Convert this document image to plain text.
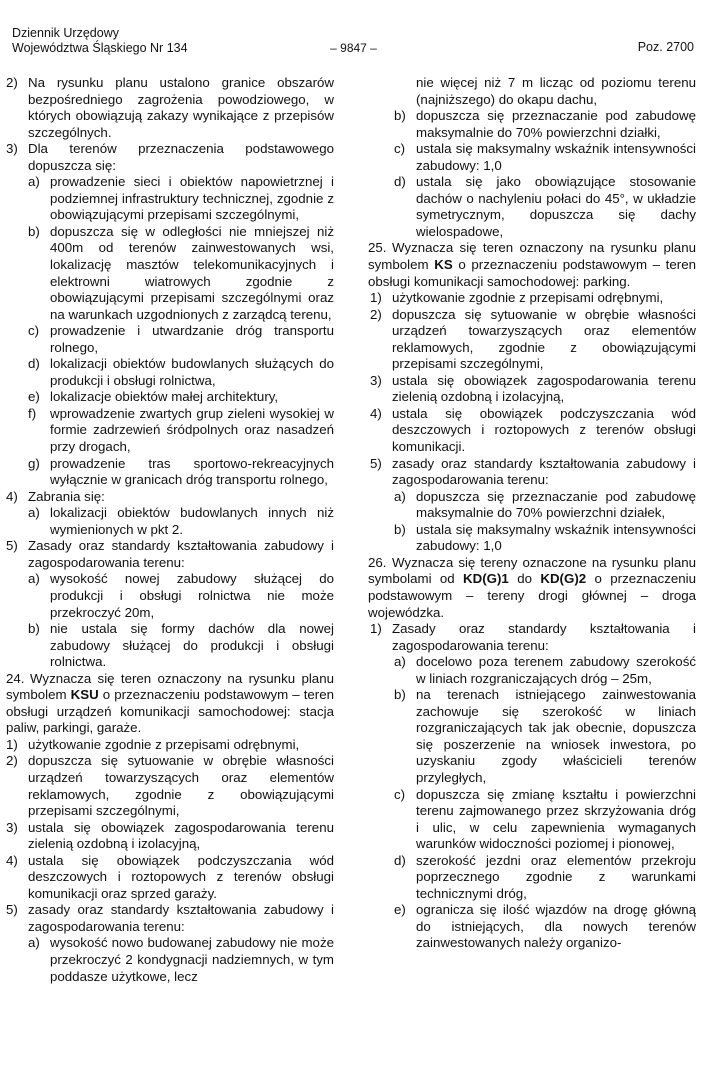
Dziennik Urzędowy
Województwa Śląskiego Nr 134	– 9847 –	Poz. 2700
2) Na rysunku planu ustalono granice obszarów bezpośredniego zagrożenia powodziowego, w których obowiązują zakazy wynikające z przepisów szczególnych.
3) Dla terenów przeznaczenia podstawowego dopuszcza się:
a) prowadzenie sieci i obiektów napowietrznej i podziemnej infrastruktury technicznej, zgodnie z obowiązującymi przepisami szczególnymi,
b) dopuszcza się w odległości nie mniejszej niż 400m od terenów zainwestowanych wsi, lokalizację masztów telekomunikacyjnych i elektrowni wiatrowych zgodnie z obowiązującymi przepisami szczególnymi oraz na warunkach uzgodnionych z zarządcą terenu,
c) prowadzenie i utwardzanie dróg transportu rolnego,
d) lokalizacji obiektów budowlanych służących do produkcji i obsługi rolnictwa,
e) lokalizacje obiektów małej architektury,
f) wprowadzenie zwartych grup zieleni wysokiej w formie zadrzewień śródpolnych oraz nasadzeń przy drogach,
g) prowadzenie tras sportowo-rekreacyjnych wyłącznie w granicach dróg transportu rolnego,
4) Zabrania się:
a) lokalizacji obiektów budowlanych innych niż wymienionych w pkt 2.
5) Zasady oraz standardy kształtowania zabudowy i zagospodarowania terenu:
a) wysokość nowej zabudowy służącej do produkcji i obsługi rolnictwa nie może przekroczyć 20m,
b) nie ustala się formy dachów dla nowej zabudowy służącej do produkcji i obsługi rolnictwa.
24. Wyznacza się teren oznaczony na rysunku planu symbolem KSU o przeznaczeniu podstawowym – teren obsługi urządzeń komunikacji samochodowej: stacja paliw, parkingi, garaże.
1) użytkowanie zgodnie z przepisami odrębnymi,
2) dopuszcza się sytuowanie w obrębie własności urządzeń towarzyszących oraz elementów reklamowych, zgodnie z obowiązującymi przepisami szczególnymi,
3) ustala się obowiązek zagospodarowania terenu zielenią ozdobną i izolacyjną,
4) ustala się obowiązek podczyszczania wód deszczowych i roztopowych z terenów obsługi komunikacji oraz sprzed garaży.
5) zasady oraz standardy kształtowania zabudowy i zagospodarowania terenu:
a) wysokość nowo budowanej zabudowy nie może przekroczyć 2 kondygnacji nadziemnych, w tym poddasze użytkowe, lecz
nie więcej niż 7 m licząc od poziomu terenu (najniższego) do okapu dachu,
b) dopuszcza się przeznaczanie pod zabudowę maksymalnie do 70% powierzchni działki,
c) ustala się maksymalny wskaźnik intensywności zabudowy: 1,0
d) ustala się jako obowiązujące stosowanie dachów o nachyleniu połaci do 45°, w układzie symetrycznym, dopuszcza się dachy wielospadowe,
25. Wyznacza się teren oznaczony na rysunku planu symbolem KS o przeznaczeniu podstawowym – teren obsługi komunikacji samochodowej: parking.
1) użytkowanie zgodnie z przepisami odrębnymi,
2) dopuszcza się sytuowanie w obrębie własności urządzeń towarzyszących oraz elementów reklamowych, zgodnie z obowiązującymi przepisami szczególnymi,
3) ustala się obowiązek zagospodarowania terenu zielenią ozdobną i izolacyjną,
4) ustala się obowiązek podczyszczania wód deszczowych i roztopowych z terenów obsługi komunikacji.
5) zasady oraz standardy kształtowania zabudowy i zagospodarowania terenu:
a) dopuszcza się przeznaczanie pod zabudowę maksymalnie do 70% powierzchni działek,
b) ustala się maksymalny wskaźnik intensywności zabudowy: 1,0
26. Wyznacza się tereny oznaczone na rysunku planu symbolami od KD(G)1 do KD(G)2 o przeznaczeniu podstawowym – tereny drogi głównej – droga wojewódzka.
1) Zasady oraz standardy kształtowania i zagospodarowania terenu:
a) docelowo poza terenem zabudowy szerokość w liniach rozgraniczających dróg – 25m,
b) na terenach istniejącego zainwestowania zachowuje się szerokość w liniach rozgraniczających tak jak obecnie, dopuszcza się poszerzenie na wniosek inwestora, po uzyskaniu zgody właścicieli terenów przyległych,
c) dopuszcza się zmianę kształtu i powierzchni terenu zajmowanego przez skrzyżowania dróg i ulic, w celu zapewnienia wymaganych warunków widoczności poziomej i pionowej,
d) szerokość jezdni oraz elementów przekroju poprzecznego zgodnie z warunkami technicznymi dróg,
e) ogranicza się ilość wjazdów na drogę główną do istniejących, dla nowych terenów zainwestowanych należy organizo-
